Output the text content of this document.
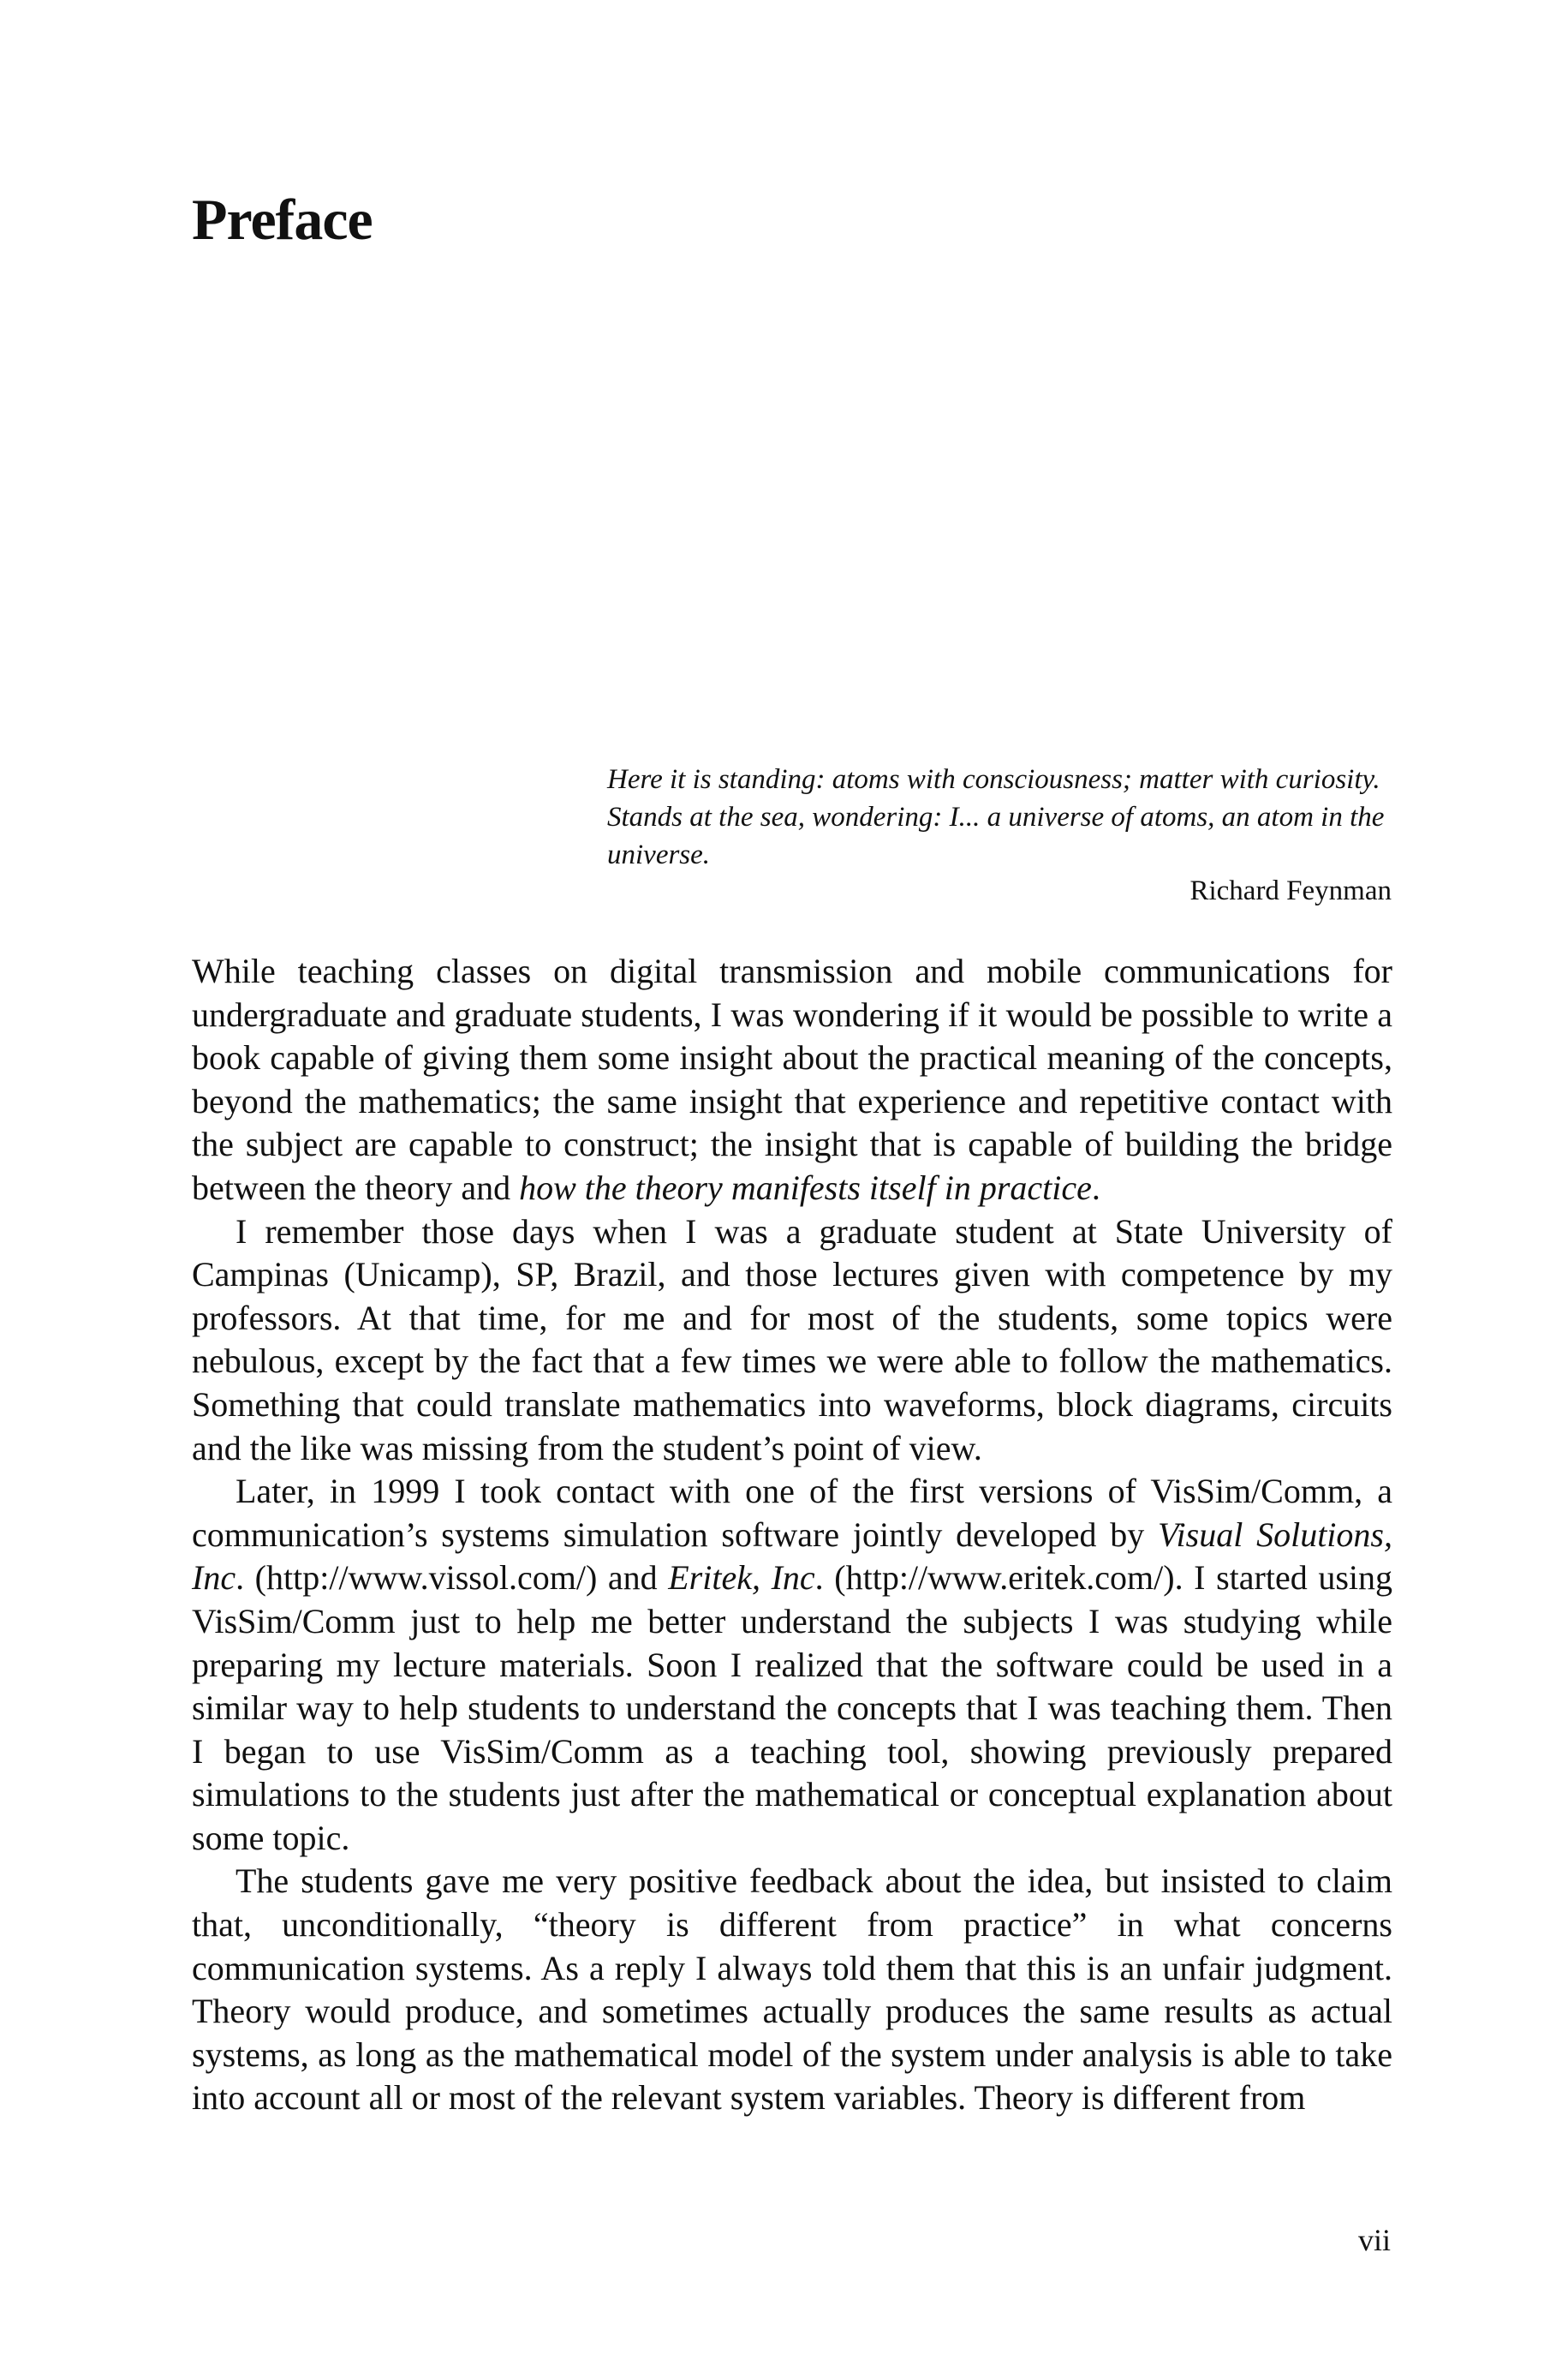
Preface

Here it is standing: atoms with consciousness; matter with curiosity. Stands at the sea, wondering: I... a universe of atoms, an atom in the universe.

Richard Feynman

While teaching classes on digital transmission and mobile communications for undergraduate and graduate students, I was wondering if it would be possible to write a book capable of giving them some insight about the practical meaning of the concepts, beyond the mathematics; the same insight that experience and repetitive contact with the subject are capable to construct; the insight that is capable of building the bridge between the theory and how the theory manifests itself in practice.

I remember those days when I was a graduate student at State University of Campinas (Unicamp), SP, Brazil, and those lectures given with competence by my professors. At that time, for me and for most of the students, some topics were nebulous, except by the fact that a few times we were able to follow the mathematics. Something that could translate mathematics into waveforms, block diagrams, circuits and the like was missing from the student’s point of view.

Later, in 1999 I took contact with one of the first versions of VisSim/Comm, a communication’s systems simulation software jointly developed by Visual Solutions, Inc. (http://www.vissol.com/) and Eritek, Inc. (http://www.eritek.com/). I started using VisSim/Comm just to help me better understand the subjects I was studying while preparing my lecture materials. Soon I realized that the software could be used in a similar way to help students to understand the concepts that I was teaching them. Then I began to use VisSim/Comm as a teaching tool, showing previously prepared simulations to the students just after the mathematical or conceptual explanation about some topic.

The students gave me very positive feedback about the idea, but insisted to claim that, unconditionally, “theory is different from practice” in what concerns communication systems. As a reply I always told them that this is an unfair judgment. Theory would produce, and sometimes actually produces the same results as actual systems, as long as the mathematical model of the system under analysis is able to take into account all or most of the relevant system variables. Theory is different from

vii
